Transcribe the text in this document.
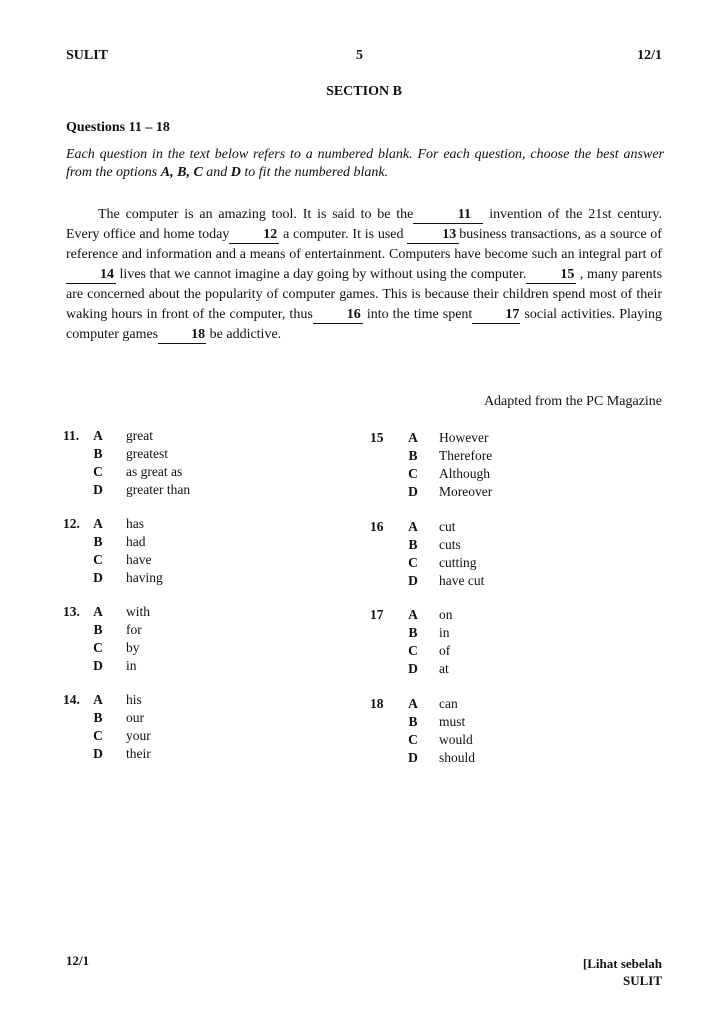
SULIT	5	12/1
SECTION B
Questions 11 – 18
Each question in the text below refers to a numbered blank. For each question, choose the best answer from the options A, B, C and D to fit the numbered blank.

The computer is an amazing tool. It is said to be the	11 invention of the 21st century. Every office and home today 12 a computer. It is used	13 business transactions, as a source of reference and information and a means of entertainment. Computers have become such an integral part of 14 lives that we cannot imagine a day going by without using the computer. 15 , many parents are concerned about the popularity of computer games. This is because their children spend most of their waking hours in front of the computer, thus 16 into the time spent 17 social activities. Playing computer games 18 be addictive.

Adapted from the PC Magazine
11. A great
B greatest
C as great as
D greater than
12. A has
B had
C have
D having
13. A with
B for
C by
D in
14. A his
B our
C your
D their
15 A However
B Therefore
C Although
D Moreover
16 A cut
B cuts
C cutting
D have cut
17 A on
B in
C of
D at
18 A can
B must
C would
D should
12/1	[Lihat sebelah
SULIT
